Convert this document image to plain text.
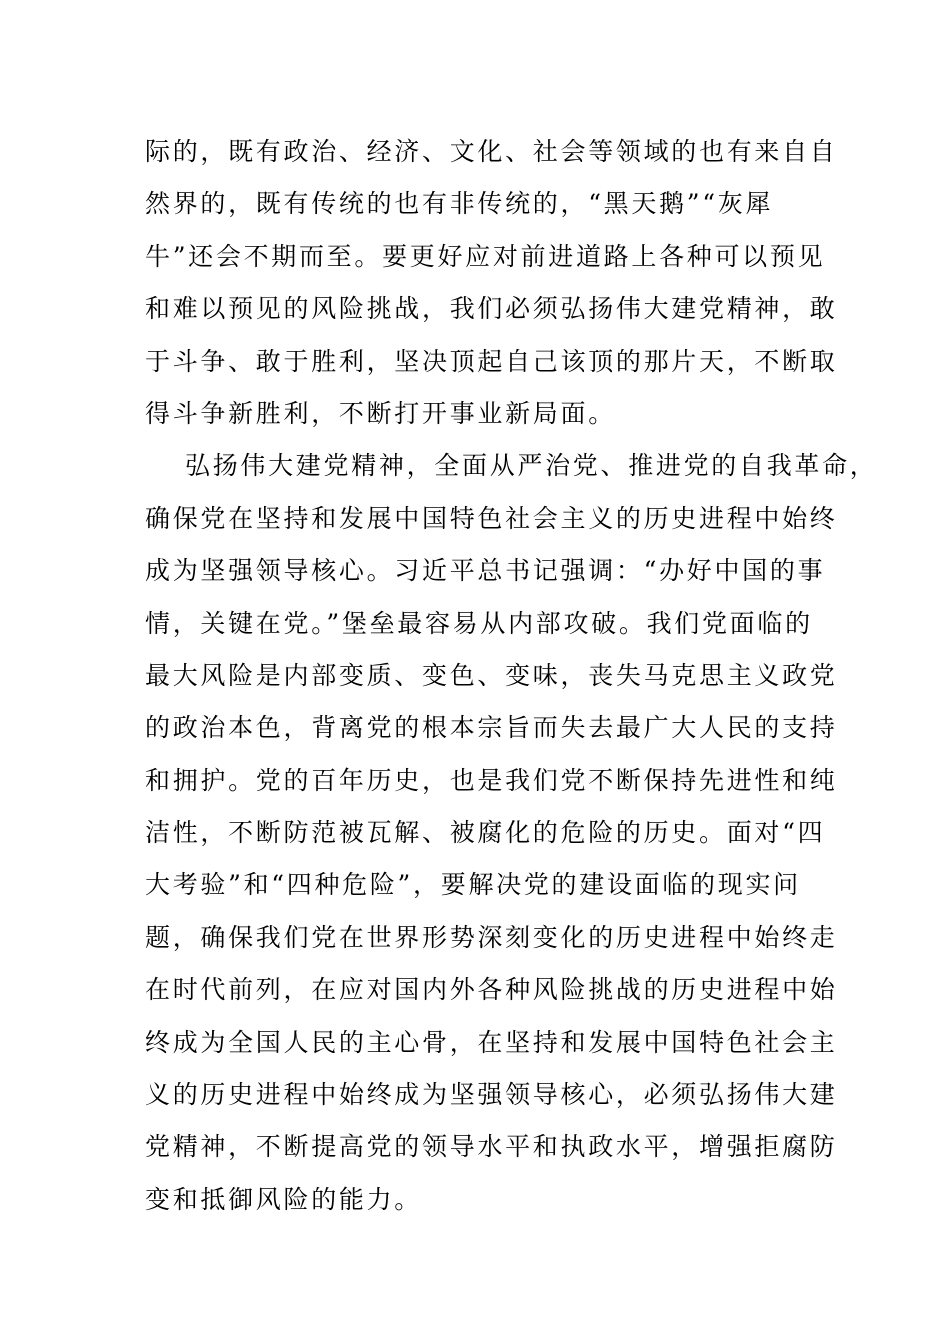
际的，既有政治、经济、文化、社会等领域的也有来自自
然界的，既有传统的也有非传统的，“黑天鹅”“灰犀
牛”还会不期而至。要更好应对前进道路上各种可以预见
和难以预见的风险挑战，我们必须弘扬伟大建党精神，敢
于斗争、敢于胜利，坚决顶起自己该顶的那片天，不断取
得斗争新胜利，不断打开事业新局面。
弘扬伟大建党精神，全面从严治党、推进党的自我革命，
确保党在坚持和发展中国特色社会主义的历史进程中始终
成为坚强领导核心。习近平总书记强调：“办好中国的事
情，关键在党。”堡垒最容易从内部攻破。我们党面临的
最大风险是内部变质、变色、变味，丧失马克思主义政党
的政治本色，背离党的根本宗旨而失去最广大人民的支持
和拥护。党的百年历史，也是我们党不断保持先进性和纯
洁性，不断防范被瓦解、被腐化的危险的历史。面对“四
大考验”和“四种危险”，要解决党的建设面临的现实问
题，确保我们党在世界形势深刻变化的历史进程中始终走
在时代前列，在应对国内外各种风险挑战的历史进程中始
终成为全国人民的主心骨，在坚持和发展中国特色社会主
义的历史进程中始终成为坚强领导核心，必须弘扬伟大建
党精神，不断提高党的领导水平和执政水平，增强拒腐防
变和抵御风险的能力。
